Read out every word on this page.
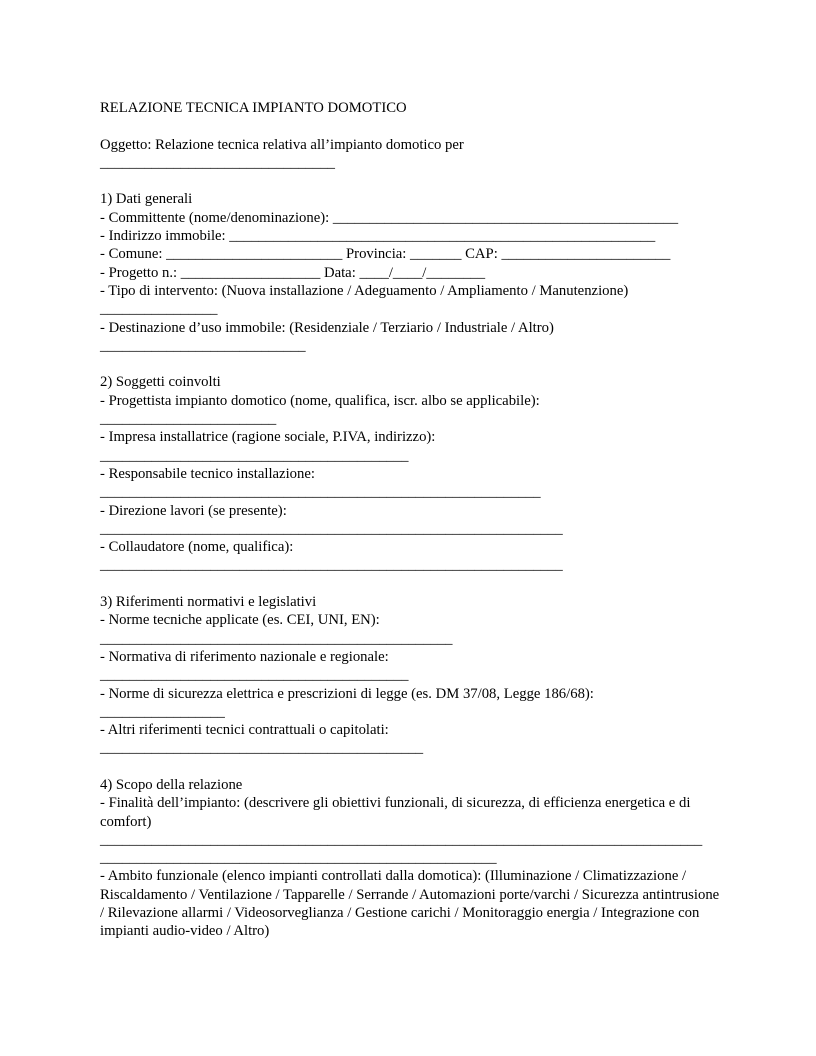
RELAZIONE TECNICA IMPIANTO DOMOTICO
Oggetto: Relazione tecnica relativa all’impianto domotico per
________________________________
1) Dati generali
- Committente (nome/denominazione): _______________________________________________
- Indirizzo immobile: __________________________________________________________
- Comune: ________________________ Provincia: _______ CAP: _______________________
- Progetto n.: ___________________ Data: ____/____/________
- Tipo di intervento: (Nuova installazione / Adeguamento / Ampliamento / Manutenzione)
________________
- Destinazione d’uso immobile: (Residenziale / Terziario / Industriale / Altro)
____________________________
2) Soggetti coinvolti
- Progettista impianto domotico (nome, qualifica, iscr. albo se applicabile):
________________________
- Impresa installatrice (ragione sociale, P.IVA, indirizzo):
__________________________________________
- Responsabile tecnico installazione:
____________________________________________________________
- Direzione lavori (se presente):
_______________________________________________________________
- Collaudatore (nome, qualifica):
_______________________________________________________________
3) Riferimenti normativi e legislativi
- Norme tecniche applicate (es. CEI, UNI, EN):
________________________________________________
- Normativa di riferimento nazionale e regionale:
__________________________________________
- Norme di sicurezza elettrica e prescrizioni di legge (es. DM 37/08, Legge 186/68):
_________________
- Altri riferimenti tecnici contrattuali o capitolati:
____________________________________________
4) Scopo della relazione
- Finalità dell’impianto: (descrivere gli obiettivi funzionali, di sicurezza, di efficienza energetica e di comfort)
__________________________________________________________________________________
______________________________________________________
- Ambito funzionale (elenco impianti controllati dalla domotica): (Illuminazione / Climatizzazione / Riscaldamento / Ventilazione / Tapparelle / Serrande / Automazioni porte/varchi / Sicurezza antintrusione / Rilevazione allarmi / Videosorveglianza / Gestione carichi / Monitoraggio energia / Integrazione con impianti audio-video / Altro)
